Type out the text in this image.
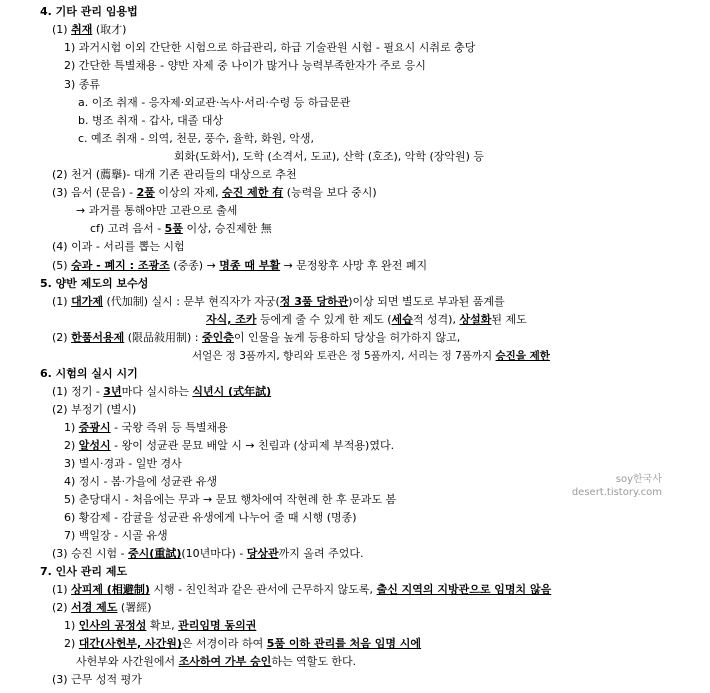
4. 기타 관리 임용법
(1) 취재 (取才)
1) 과거시험 이외 간단한 시험으로 하급관리, 하급 기술관원 시험 - 필요시 시취로 충당
2) 간단한 특별채용 - 양반 자제 중 나이가 많거나 능력부족한자가 주로 응시
3) 종류
a. 이조 취재 - 응자제·외교관·녹사·서리·수령 등 하급문관
b. 병조 취재 - 갑사, 대졸 대상
c. 예조 취재 - 의역, 천문, 풍수, 율학, 화원, 악생,
회화(도화서), 도학 (소격서, 도교), 산학 (호조), 악학 (장악원) 등
(2) 천거 (薦擧)- 대개 기존 관리들의 대상으로 추천
(3) 음서 (문음) - 2품 이상의 자제, 승진 제한 有 (능력을 보다 중시)
→ 과거를 통해야만 고관으로 출세
cf) 고려 음서 - 5품 이상, 승진제한 無
(4) 이과 - 서리를 뽑는 시험
(5) 승과 - 폐지 : 조광조 (중종) → 명종 때 부활 → 문정왕후 사망 후 완전 폐지
5. 양반 제도의 보수성
(1) 대가제 (代加制) 실시 : 문부 현직자가 자궁(정 3품 당하관)이상 되면 별도로 부과된 품계를
자식, 조카 등에게 줄 수 있게 한 제도 (세습적 성격), 상설화된 제도
(2) 한품서용제 (限品敍用制) : 중인층이 인물을 높게 등용하되 당상을 허가하지 않고,
서얼은 정 3품까지, 향리와 토관은 정 5품까지, 서리는 정 7품까지 승진을 제한
6. 시험의 실시 시기
(1) 정기 - 3년마다 실시하는 식년시 (式年試)
(2) 부정기 (별시)
1) 증광시 - 국왕 즉위 등 특별채용
2) 알성시 - 왕이 성균관 문묘 배알 시 → 친림과 (상피제 부적용)였다.
3) 별시·경과 - 일반 경사
4) 정시 - 봄·가을에 성균관 유생
5) 춘당대시 - 처음에는 무과 → 문묘 행차에여 작현례 한 후 문과도 봄
6) 황감제 - 감귤을 성균관 유생에게 나누어 줄 때 시행 (명종)
7) 백일장 - 시골 유생
(3) 승진 시험 - 중시(重試)(10년마다) - 당상관까지 올려 주었다.
7. 인사 관리 제도
(1) 상피제 (相避制) 시행 - 친인척과 같은 관서에 근무하지 않도록, 출신 지역의 지방관으로 임명치 않음
(2) 서경 제도 (署經)
1) 인사의 공정성 확보, 관리임명 동의권
2) 대간(사헌부, 사간원)은 서경이라 하여 5품 이하 관리를 처음 임명 시에
사헌부와 사간원에서 조사하여 가부 승인하는 역할도 한다.
(3) 근무 성적 평가
soy한국사
desert.tistory.com
